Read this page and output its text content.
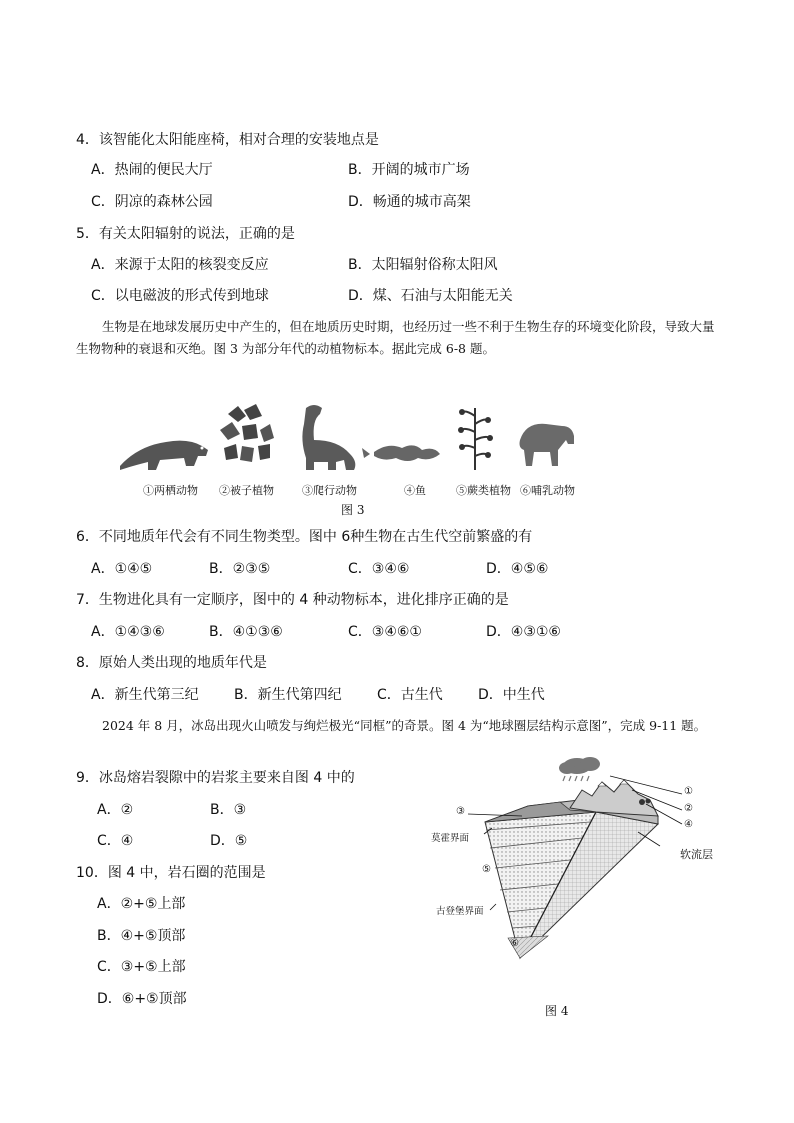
4．该智能化太阳能座椅，相对合理的安装地点是
A．热闹的便民大厅	B．开阔的城市广场
C．阴凉的森林公园	D．畅通的城市高架
5．有关太阳辐射的说法，正确的是
A．来源于太阳的核裂变反应	B．太阳辐射俗称太阳风
C．以电磁波的形式传到地球	D．煤、石油与太阳能无关
生物是在地球发展历史中产生的，但在地质历史时期，也经历过一些不利于生物生存的环境变化阶段，导致大量生物物种的衰退和灭绝。图 3 为部分年代的动植物标本。据此完成 6-8 题。
①两栖动物 ②被子植物	③爬行动物	④鱼	⑤蕨类植物 ⑥哺乳动物
图 3
6．不同地质年代会有不同生物类型。图中 6种生物在古生代空前繁盛的有
A．①④⑤	B．②③⑤	C．③④⑥	D．④⑤⑥
7．生物进化具有一定顺序，图中的 4 种动物标本，进化排序正确的是
A．①④③⑥	B．④①③⑥	C．③④⑥①	D．④③①⑥
8．原始人类出现的地质年代是
A．新生代第三纪	B．新生代第四纪	C．古生代	D．中生代
2024 年 8 月，冰岛出现火山喷发与绚烂极光“同框”的奇景。图 4 为“地球圈层结构示意图”，完成 9-11 题。
9．冰岛熔岩裂隙中的岩浆主要来自图 4 中的
A．②	B．③
C．④	D．⑤
10．图 4 中，岩石圈的范围是
A．②+⑤上部
B．④+⑤顶部
C．③+⑤上部
D．⑥+⑤顶部
①
②
③
④
⑤
⑥
莫霍界面
古登堡界面
软流层
图 4
